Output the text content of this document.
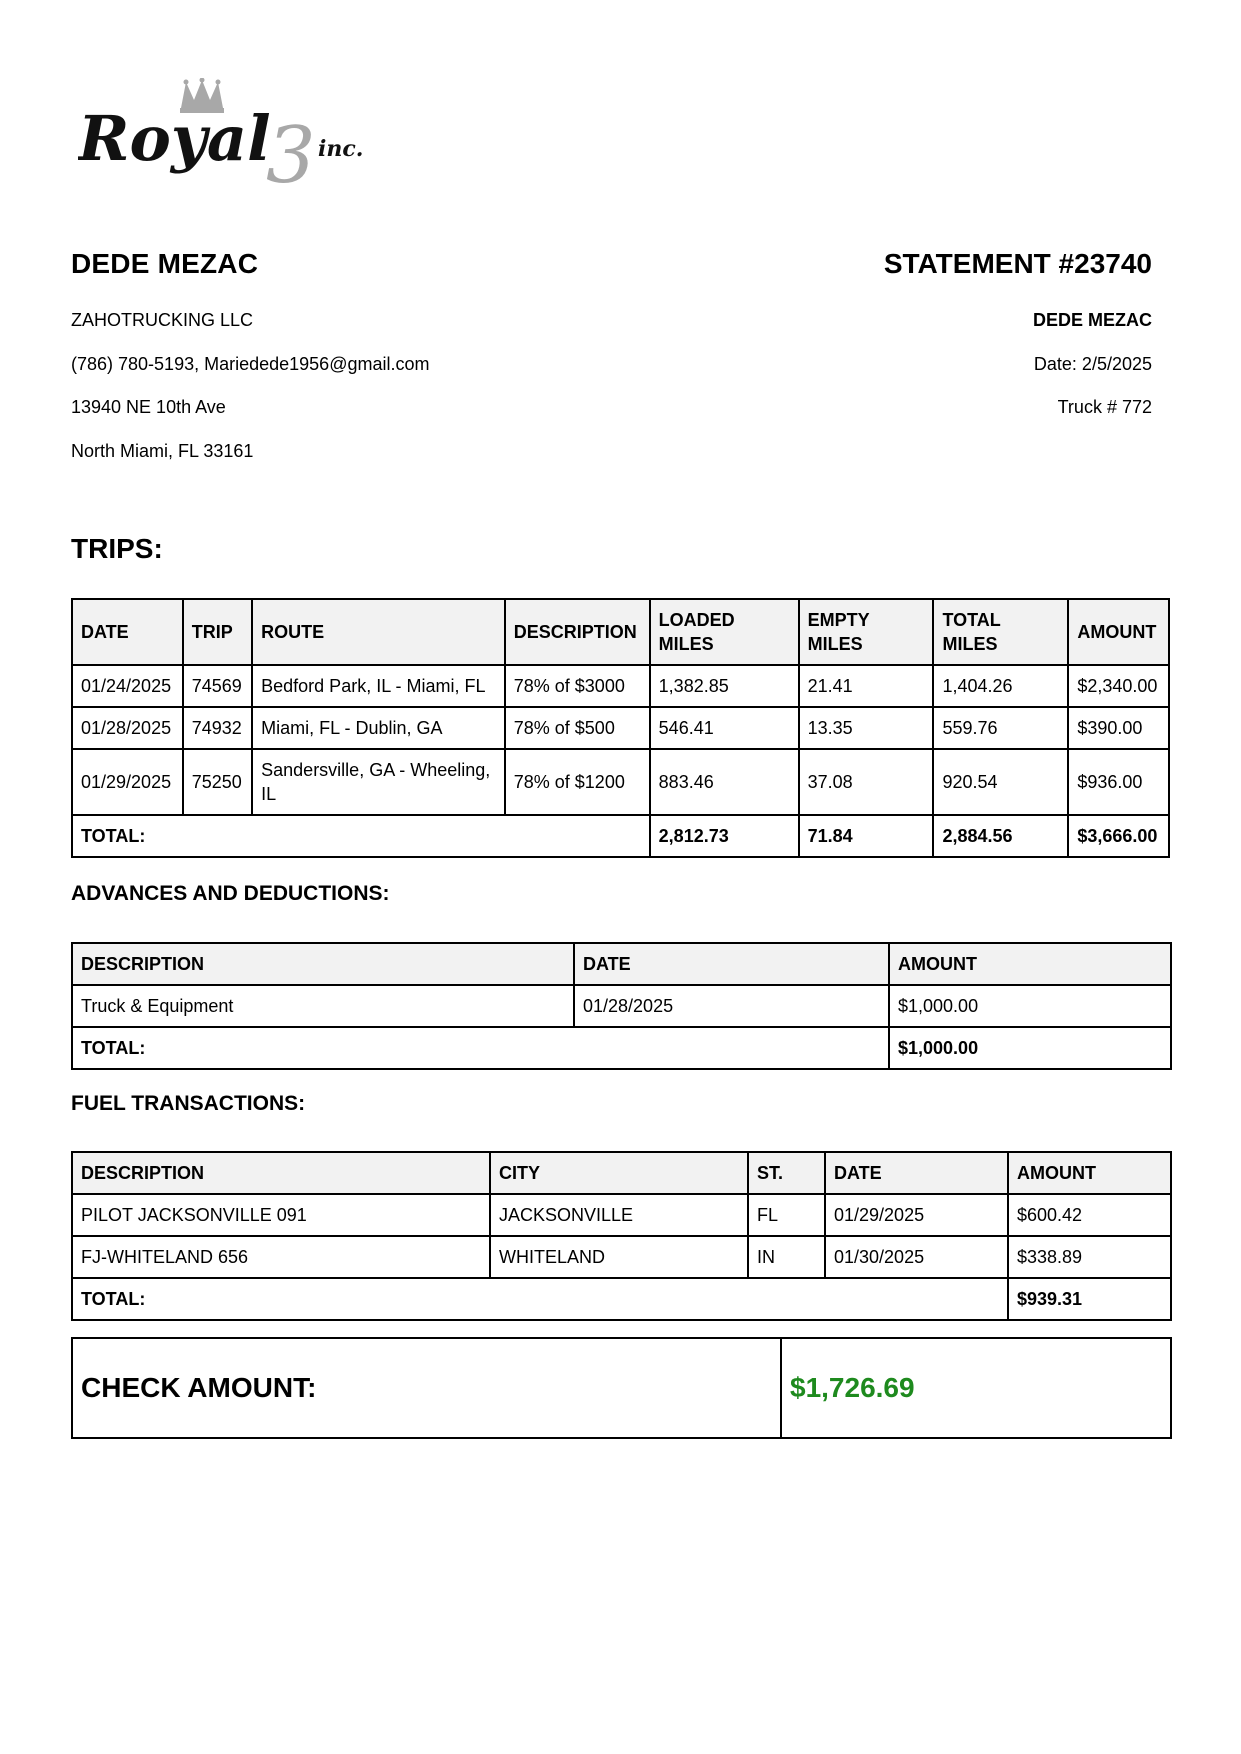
Royal
3 inc.
DEDE MEZAC	STATEMENT #23740
ZAHOTRUCKING LLC
(786) 780-5193, Mariedede1956@gmail.com
13940 NE 10th Ave
North Miami, FL 33161
DEDE MEZAC
Date: 2/5/2025
Truck # 772
TRIPS:
DATE	TRIP	ROUTE	DESCRIPTION	LOADED MILES	EMPTY MILES	TOTAL MILES	AMOUNT
01/24/2025	74569	Bedford Park, IL - Miami, FL	78% of $3000	1,382.85	21.41	1,404.26	$2,340.00
01/28/2025	74932	Miami, FL - Dublin, GA	78% of $500	546.41	13.35	559.76	$390.00
01/29/2025	75250	Sandersville, GA - Wheeling, IL	78% of $1200	883.46	37.08	920.54	$936.00
TOTAL:				2,812.73	71.84	2,884.56	$3,666.00
ADVANCES AND DEDUCTIONS:
DESCRIPTION	DATE	AMOUNT
Truck & Equipment	01/28/2025	$1,000.00
TOTAL:		$1,000.00
FUEL TRANSACTIONS:
DESCRIPTION	CITY	ST.	DATE	AMOUNT
PILOT JACKSONVILLE 091	JACKSONVILLE	FL	01/29/2025	$600.42
FJ-WHITELAND 656	WHITELAND	IN	01/30/2025	$338.89
TOTAL:				$939.31
CHECK AMOUNT:	$1,726.69
